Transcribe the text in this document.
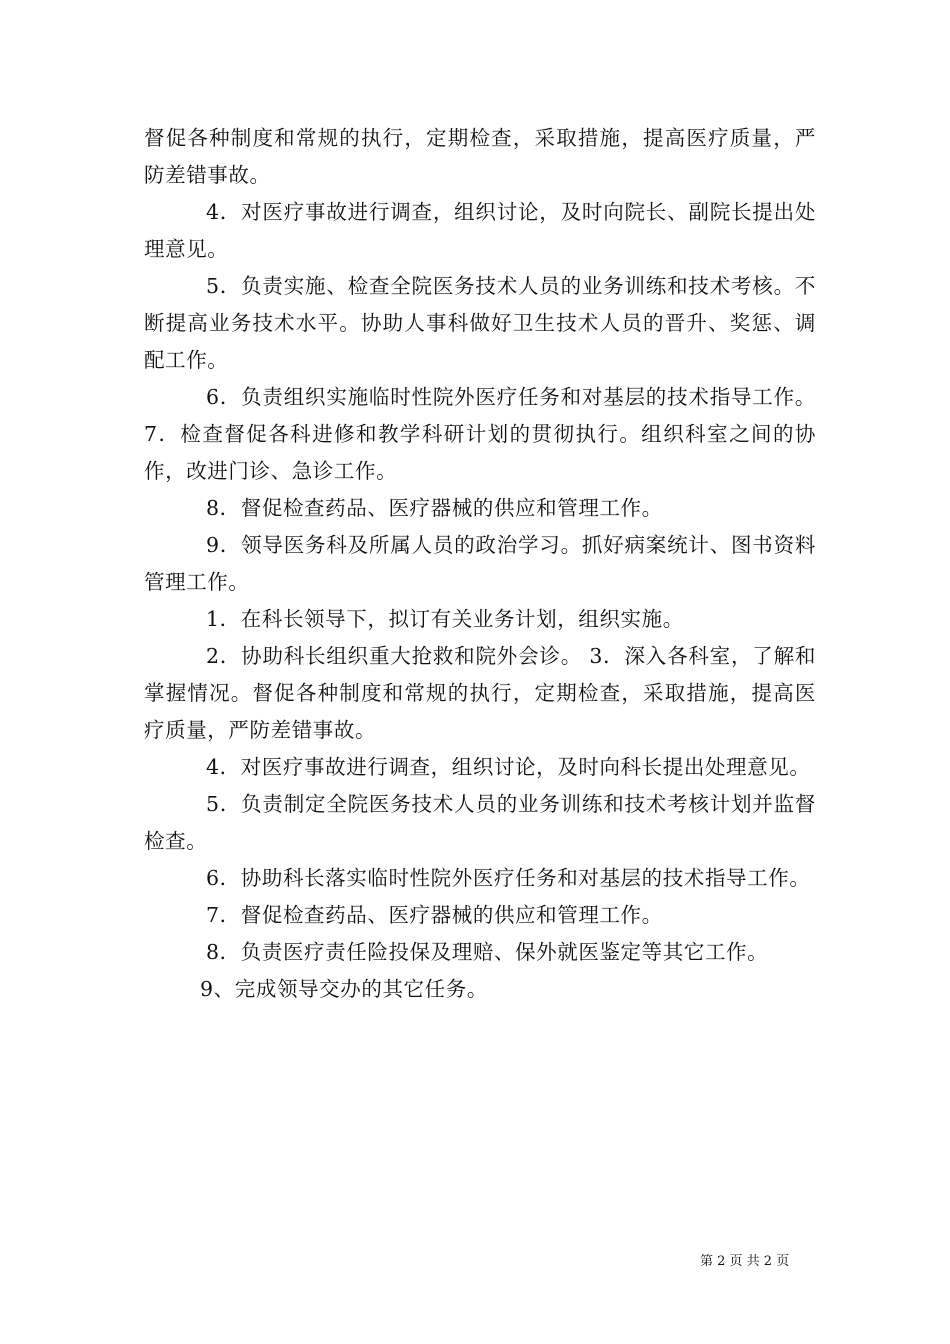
督促各种制度和常规的执行，定期检查，采取措施，提高医疗质量，严防差错事故。

4．对医疗事故进行调查，组织讨论，及时向院长、副院长提出处理意见。

5．负责实施、检查全院医务技术人员的业务训练和技术考核。不断提高业务技术水平。协助人事科做好卫生技术人员的晋升、奖惩、调配工作。

6．负责组织实施临时性院外医疗任务和对基层的技术指导工作。 7．检查督促各科进修和教学科研计划的贯彻执行。组织科室之间的协作，改进门诊、急诊工作。

8．督促检查药品、医疗器械的供应和管理工作。

9．领导医务科及所属人员的政治学习。抓好病案统计、图书资料管理工作。

1．在科长领导下，拟订有关业务计划，组织实施。

2．协助科长组织重大抢救和院外会诊。 3．深入各科室，了解和掌握情况。督促各种制度和常规的执行，定期检查，采取措施，提高医疗质量，严防差错事故。

4．对医疗事故进行调查，组织讨论，及时向科长提出处理意见。

5．负责制定全院医务技术人员的业务训练和技术考核计划并监督检查。

6．协助科长落实临时性院外医疗任务和对基层的技术指导工作。

7．督促检查药品、医疗器械的供应和管理工作。

8．负责医疗责任险投保及理赔、保外就医鉴定等其它工作。

9、完成领导交办的其它任务。

第 2 页 共 2 页
